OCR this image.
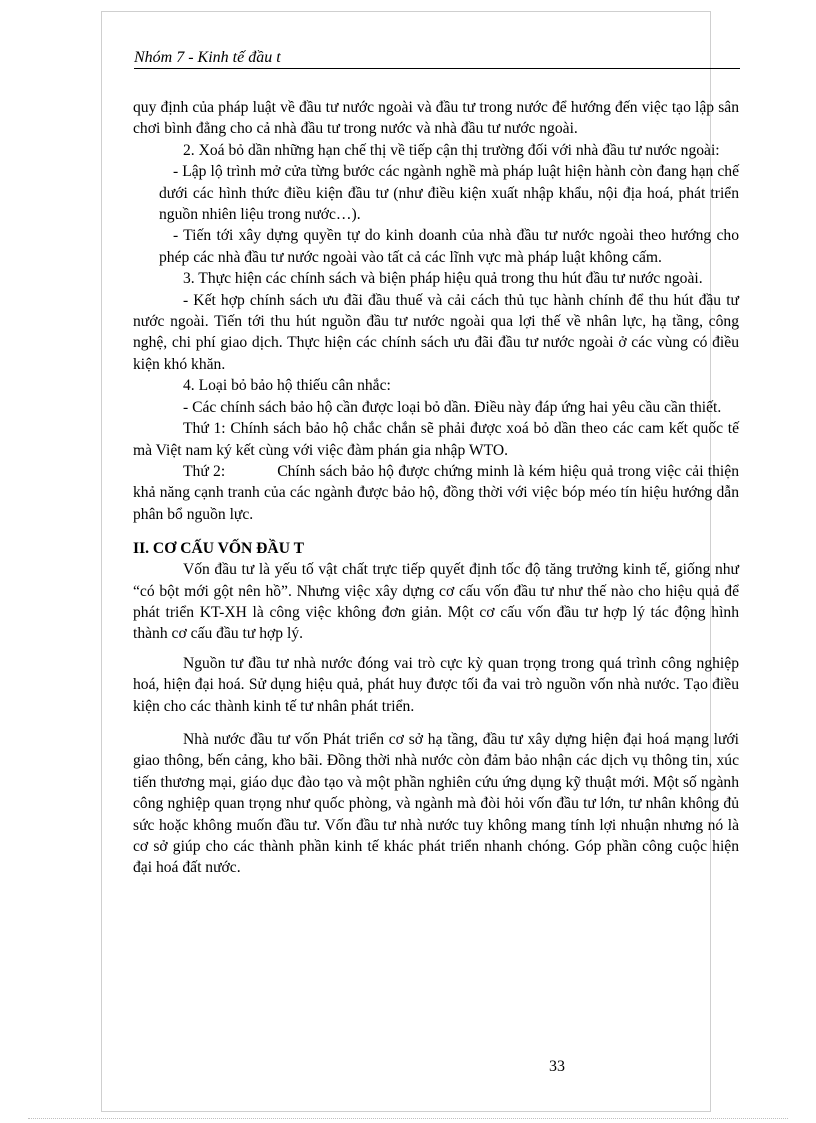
Nhóm 7 - Kinh tế đầu t

quy định của pháp luật về đầu tư nước ngoài và đầu tư trong nước để hướng đến việc tạo lập sân chơi bình đẳng cho cả nhà đầu tư trong nước và nhà đầu tư nước ngoài.

2. Xoá bỏ dần những hạn chế thị về tiếp cận thị trường đối với nhà đầu tư nước ngoài:

- Lập lộ trình mở cửa từng bước các ngành nghề mà pháp luật hiện hành còn đang hạn chế dưới các hình thức điều kiện đầu tư (như điều kiện xuất nhập khẩu, nội địa hoá, phát triển nguồn nhiên liệu trong nước…).

- Tiến tới xây dựng quyền tự do kinh doanh của nhà đầu tư nước ngoài theo hướng cho phép các nhà đầu tư nước ngoài vào tất cả các lĩnh vực mà pháp luật không cấm.

3. Thực hiện các chính sách và biện pháp hiệu quả trong thu hút đầu tư nước ngoài.

- Kết hợp chính sách ưu đãi đầu thuế và cải cách thủ tục hành chính để thu hút đầu tư nước ngoài. Tiến tới thu hút nguồn đầu tư nước ngoài qua lợi thế về nhân lực, hạ tầng, công nghệ, chi phí giao dịch. Thực hiện các chính sách ưu đãi đầu tư nước ngoài ở các vùng có điều kiện khó khăn.

4. Loại bỏ bảo hộ thiếu cân nhắc:

- Các chính sách bảo hộ cần được loại bỏ dần. Điều này đáp ứng hai yêu cầu cần thiết.

Thứ 1: Chính sách bảo hộ chắc chắn sẽ phải được xoá bỏ dần theo các cam kết quốc tế mà Việt nam ký kết cùng với việc đàm phán gia nhập WTO.

Thứ 2:	Chính sách bảo hộ được chứng minh là kém hiệu quả trong việc cải thiện khả năng cạnh tranh của các ngành được bảo hộ, đồng thời với việc bóp méo tín hiệu hướng dẫn phân bổ nguồn lực.

II. CƠ CẤU VỐN ĐẦU T

Vốn đầu tư là yếu tố vật chất trực tiếp quyết định tốc độ tăng trưởng kinh tế, giống như “có bột mới gột nên hồ”. Nhưng việc xây dựng cơ cấu vốn đầu tư như thế nào cho hiệu quả để phát triển KT-XH là công việc không đơn giản. Một cơ cấu vốn đầu tư hợp lý tác động hình thành cơ cấu đầu tư hợp lý.

Nguồn tư đầu tư nhà nước đóng vai trò cực kỳ quan trọng trong quá trình công nghiệp hoá, hiện đại hoá. Sử dụng hiệu quả, phát huy được tối đa vai trò nguồn vốn nhà nước. Tạo điều kiện cho các thành kinh tế tư nhân phát triển.

Nhà nước đầu tư vốn Phát triển cơ sở hạ tầng, đầu tư xây dựng hiện đại hoá mạng lưới giao thông, bến cảng, kho bãi. Đồng thời nhà nước còn đảm bảo nhận các dịch vụ thông tin, xúc tiến thương mại, giáo dục đào tạo và một phần nghiên cứu ứng dụng kỹ thuật mới. Một số ngành công nghiệp quan trọng như quốc phòng, và ngành mà đòi hỏi vốn đầu tư lớn, tư nhân không đủ sức hoặc không muốn đầu tư. Vốn đầu tư nhà nước tuy không mang tính lợi nhuận nhưng nó là cơ sở giúp cho các thành phần kinh tế khác phát triển nhanh chóng. Góp phần công cuộc hiện đại hoá đất nước.

33
